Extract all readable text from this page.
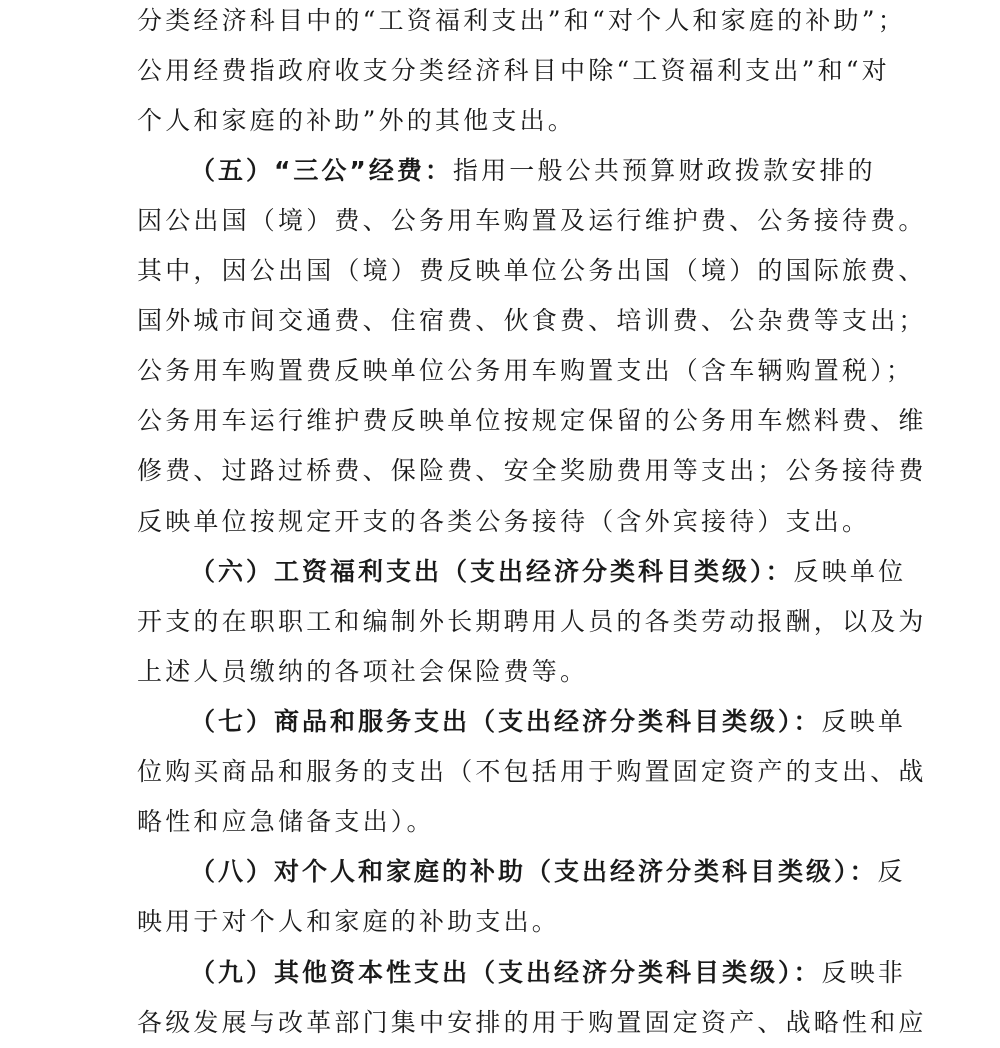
分类经济科目中的“工资福利支出”和“对个人和家庭的补助”；
公用经费指政府收支分类经济科目中除“工资福利支出”和“对
个人和家庭的补助”外的其他支出。
（五）“三公”经费：指用一般公共预算财政拨款安排的
因公出国（境）费、公务用车购置及运行维护费、公务接待费。
其中，因公出国（境）费反映单位公务出国（境）的国际旅费、
国外城市间交通费、住宿费、伙食费、培训费、公杂费等支出；
公务用车购置费反映单位公务用车购置支出（含车辆购置税）；
公务用车运行维护费反映单位按规定保留的公务用车燃料费、维
修费、过路过桥费、保险费、安全奖励费用等支出；公务接待费
反映单位按规定开支的各类公务接待（含外宾接待）支出。
（六）工资福利支出（支出经济分类科目类级）：反映单位
开支的在职职工和编制外长期聘用人员的各类劳动报酬，以及为
上述人员缴纳的各项社会保险费等。
（七）商品和服务支出（支出经济分类科目类级）：反映单
位购买商品和服务的支出（不包括用于购置固定资产的支出、战
略性和应急储备支出）。
（八）对个人和家庭的补助（支出经济分类科目类级）：反
映用于对个人和家庭的补助支出。
（九）其他资本性支出（支出经济分类科目类级）：反映非
各级发展与改革部门集中安排的用于购置固定资产、战略性和应
